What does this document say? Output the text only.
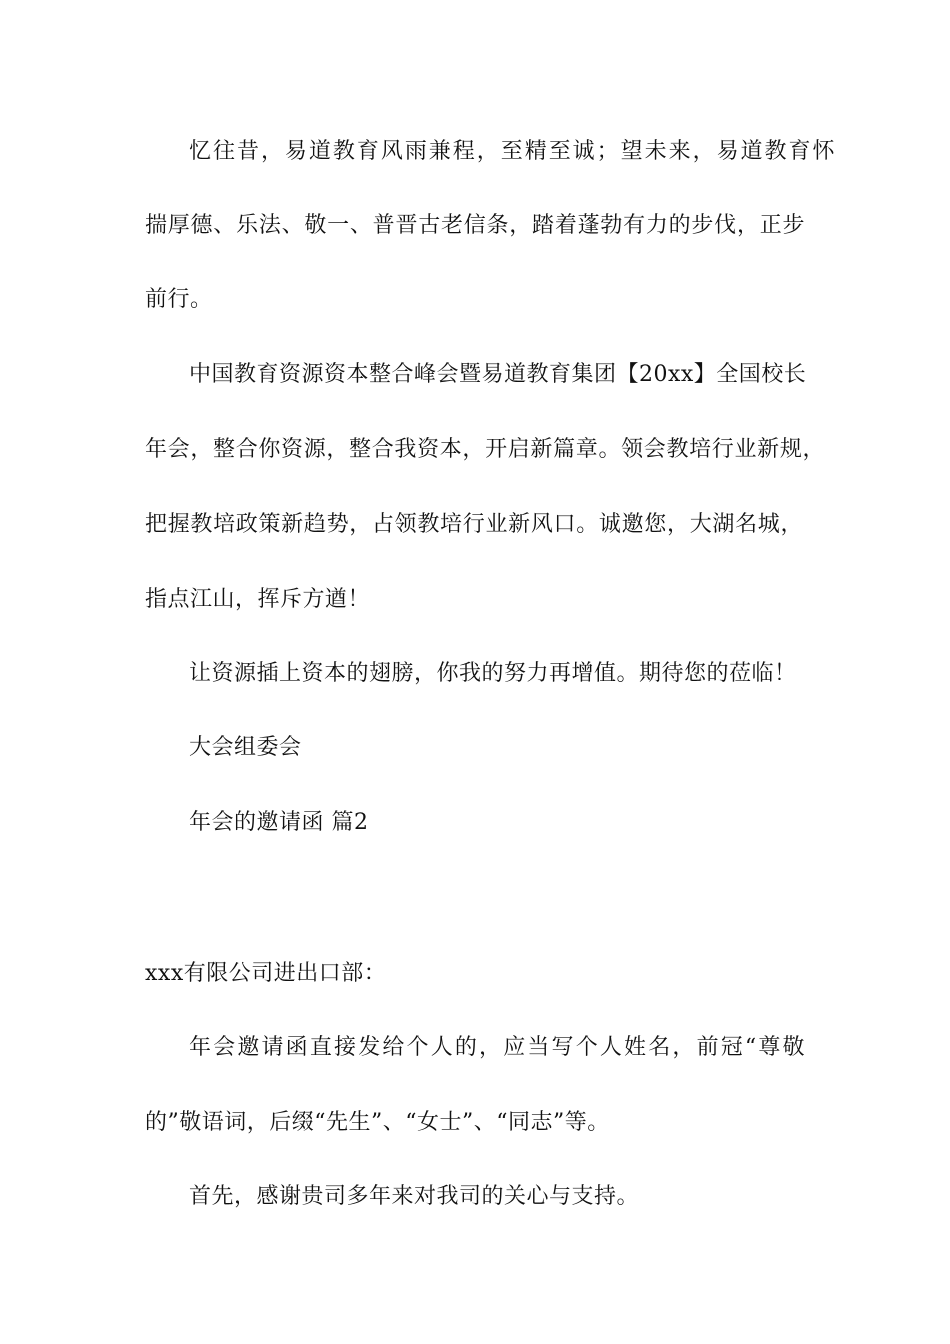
忆往昔，易道教育风雨兼程，至精至诚；望未来，易道教育怀
揣厚德、乐法、敬一、普晋古老信条，踏着蓬勃有力的步伐，正步
前行。
中国教育资源资本整合峰会暨易道教育集团【20xx】全国校长
年会，整合你资源，整合我资本，开启新篇章。领会教培行业新规，
把握教培政策新趋势，占领教培行业新风口。诚邀您，大湖名城，
指点江山，挥斥方遒！
让资源插上资本的翅膀，你我的努力再增值。期待您的莅临！
大会组委会
年会的邀请函 篇2
xxx有限公司进出口部：
年会邀请函直接发给个人的，应当写个人姓名，前冠“尊敬
的”敬语词，后缀“先生”、“女士”、“同志”等。
首先，感谢贵司多年来对我司的关心与支持。
